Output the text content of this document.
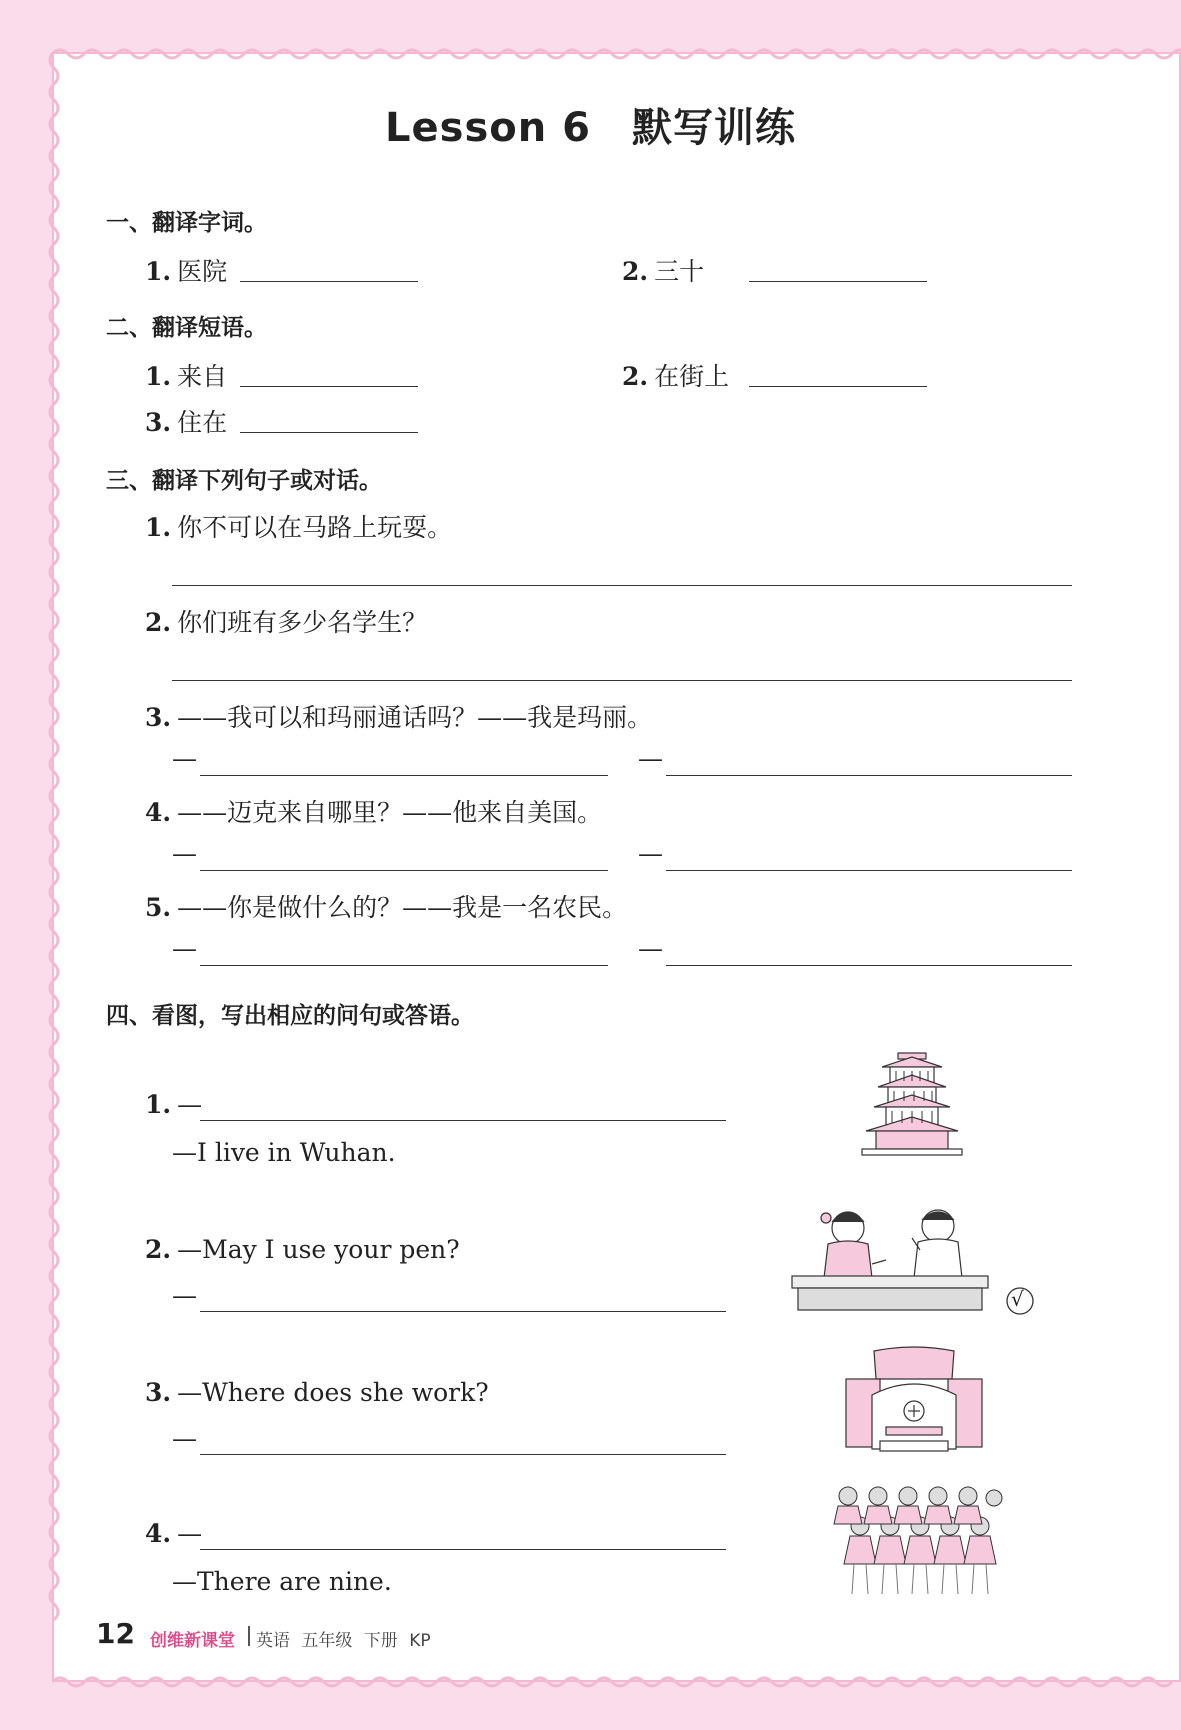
Lesson 6　默写训练
一、翻译字词。
1. 医院	2. 三十
二、翻译短语。
1. 来自	2. 在街上
3. 住在
三、翻译下列句子或对话。
1. 你不可以在马路上玩耍。
2. 你们班有多少名学生？
3. ——我可以和玛丽通话吗？——我是玛丽。
—	—
4. ——迈克来自哪里？——他来自美国。
—	—
5. ——你是做什么的？——我是一名农民。
—	—
四、看图，写出相应的问句或答语。
1. —
—I live in Wuhan.
2. —May I use your pen?
—	√
3. —Where does she work?
—
4. —
—There are nine.
12 创维新课堂 英语 五年级 下册 KP
